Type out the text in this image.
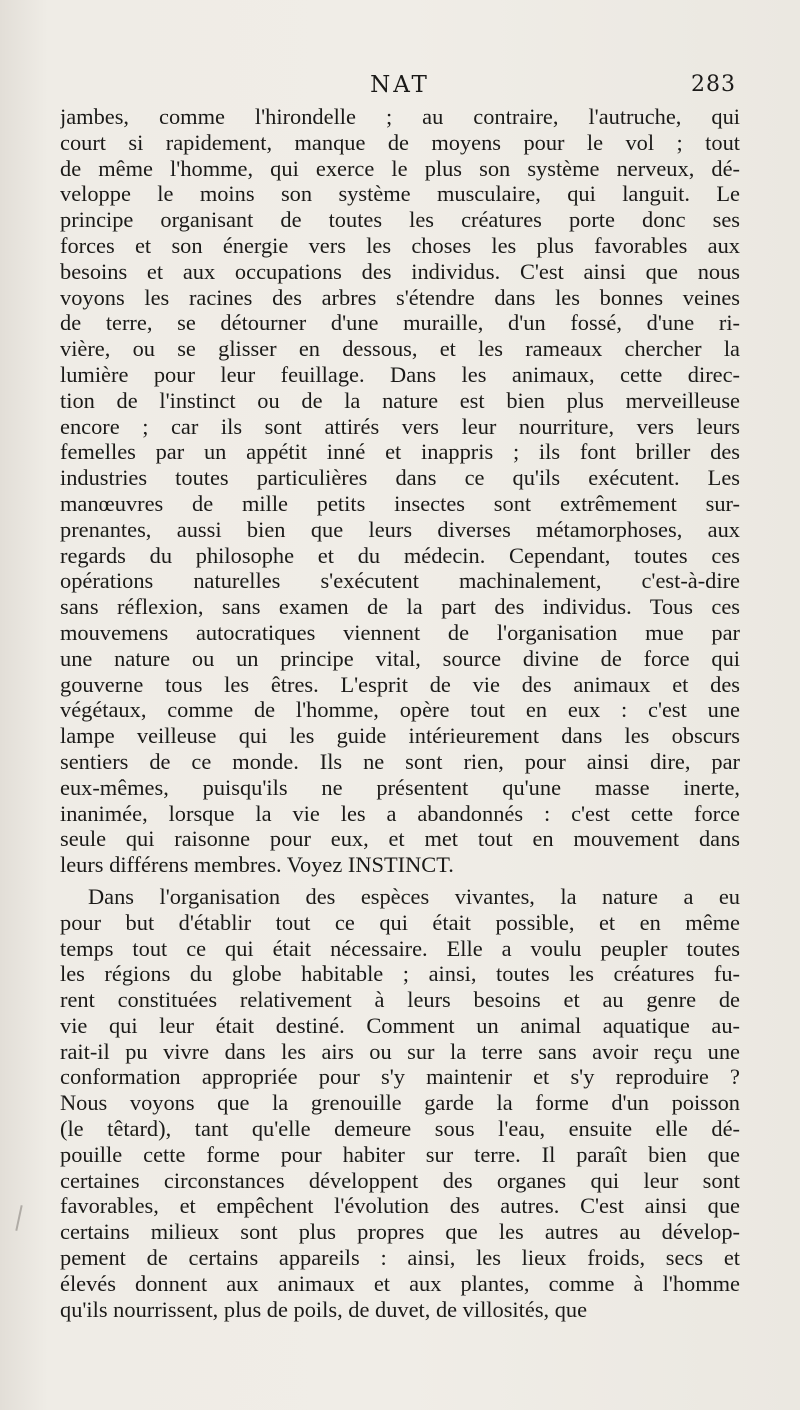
NAT	283
jambes, comme l'hirondelle ; au contraire, l'autruche, qui
court si rapidement, manque de moyens pour le vol ; tout
de même l'homme, qui exerce le plus son système nerveux, dé-
veloppe le moins son système musculaire, qui languit. Le
principe organisant de toutes les créatures porte donc ses
forces et son énergie vers les choses les plus favorables aux
besoins et aux occupations des individus. C'est ainsi que nous
voyons les racines des arbres s'étendre dans les bonnes veines
de terre, se détourner d'une muraille, d'un fossé, d'une ri-
vière, ou se glisser en dessous, et les rameaux chercher la
lumière pour leur feuillage. Dans les animaux, cette direc-
tion de l'instinct ou de la nature est bien plus merveilleuse
encore ; car ils sont attirés vers leur nourriture, vers leurs
femelles par un appétit inné et inappris ; ils font briller des
industries toutes particulières dans ce qu'ils exécutent. Les
manœuvres de mille petits insectes sont extrêmement sur-
prenantes, aussi bien que leurs diverses métamorphoses, aux
regards du philosophe et du médecin. Cependant, toutes ces
opérations naturelles s'exécutent machinalement, c'est-à-dire
sans réflexion, sans examen de la part des individus. Tous ces
mouvemens autocratiques viennent de l'organisation mue par
une nature ou un principe vital, source divine de force qui
gouverne tous les êtres. L'esprit de vie des animaux et des
végétaux, comme de l'homme, opère tout en eux : c'est une
lampe veilleuse qui les guide intérieurement dans les obscurs
sentiers de ce monde. Ils ne sont rien, pour ainsi dire, par
eux-mêmes, puisqu'ils ne présentent qu'une masse inerte,
inanimée, lorsque la vie les a abandonnés : c'est cette force
seule qui raisonne pour eux, et met tout en mouvement dans
leurs différens membres. Voyez INSTINCT.
Dans l'organisation des espèces vivantes, la nature a eu
pour but d'établir tout ce qui était possible, et en même
temps tout ce qui était nécessaire. Elle a voulu peupler toutes
les régions du globe habitable ; ainsi, toutes les créatures fu-
rent constituées relativement à leurs besoins et au genre de
vie qui leur était destiné. Comment un animal aquatique au-
rait-il pu vivre dans les airs ou sur la terre sans avoir reçu une
conformation appropriée pour s'y maintenir et s'y reproduire ?
Nous voyons que la grenouille garde la forme d'un poisson
(le têtard), tant qu'elle demeure sous l'eau, ensuite elle dé-
pouille cette forme pour habiter sur terre. Il paraît bien que
certaines circonstances développent des organes qui leur sont
favorables, et empêchent l'évolution des autres. C'est ainsi que
certains milieux sont plus propres que les autres au dévelop-
pement de certains appareils : ainsi, les lieux froids, secs et
élevés donnent aux animaux et aux plantes, comme à l'homme
qu'ils nourrissent, plus de poils, de duvet, de villosités, que
